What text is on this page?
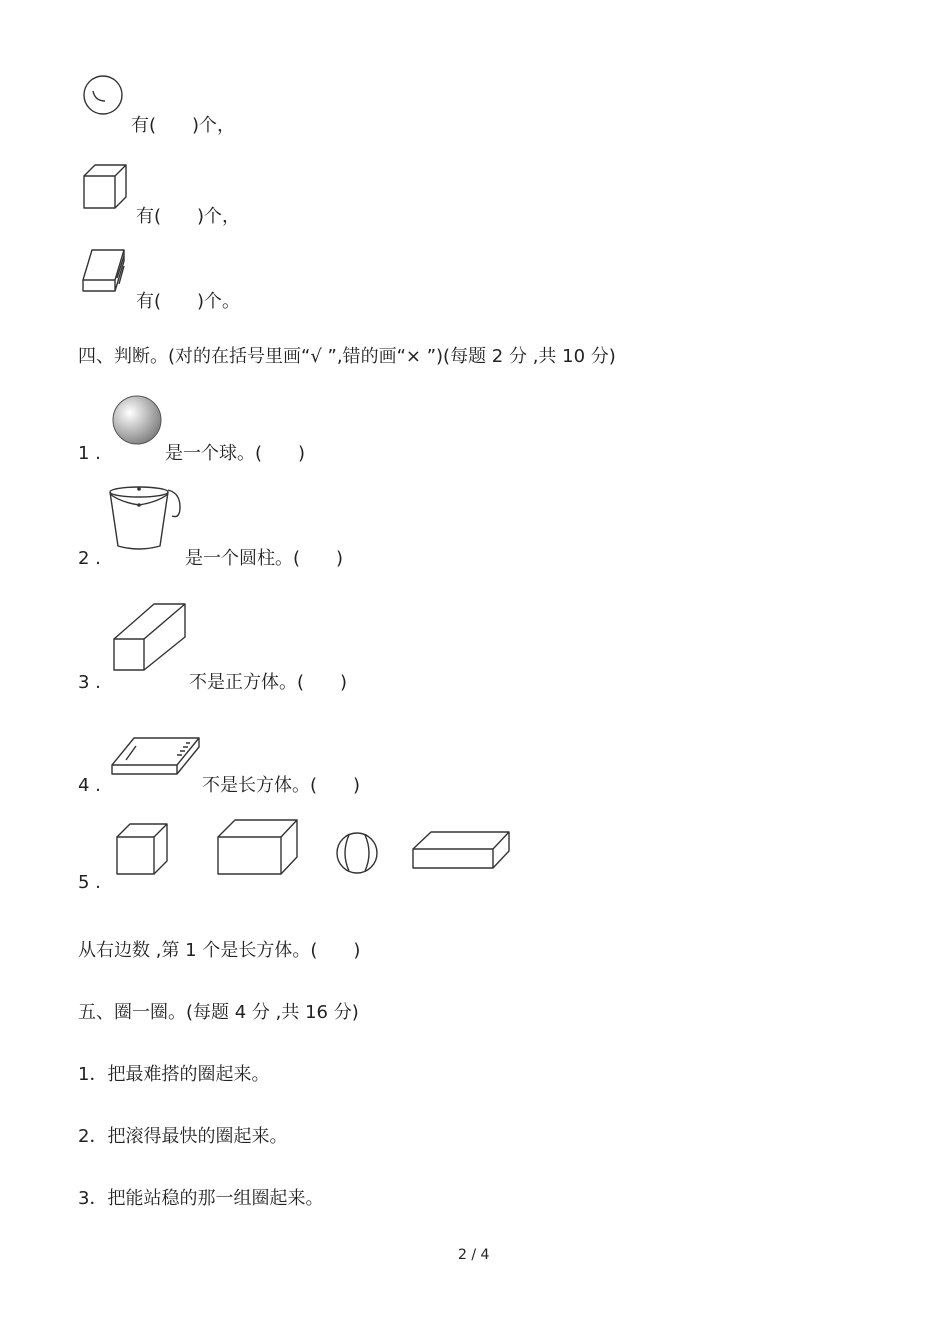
有(　　)个，
有(　　)个，
有(　　)个。
四、判断。(对的在括号里画“√ ”,错的画“× ”)(每题 2 分 ,共 10 分)
1 .	是一个球。(　　)
2 .	是一个圆柱。(　　)
3 .	不是正方体。(　　)
4 .	不是长方体。(　　)
5 .
从右边数 ,第 1 个是长方体。(　　)
五、圈一圈。(每题 4 分 ,共 16 分)
1．把最难搭的圈起来。
2．把滚得最快的圈起来。
3．把能站稳的那一组圈起来。
2 / 4
